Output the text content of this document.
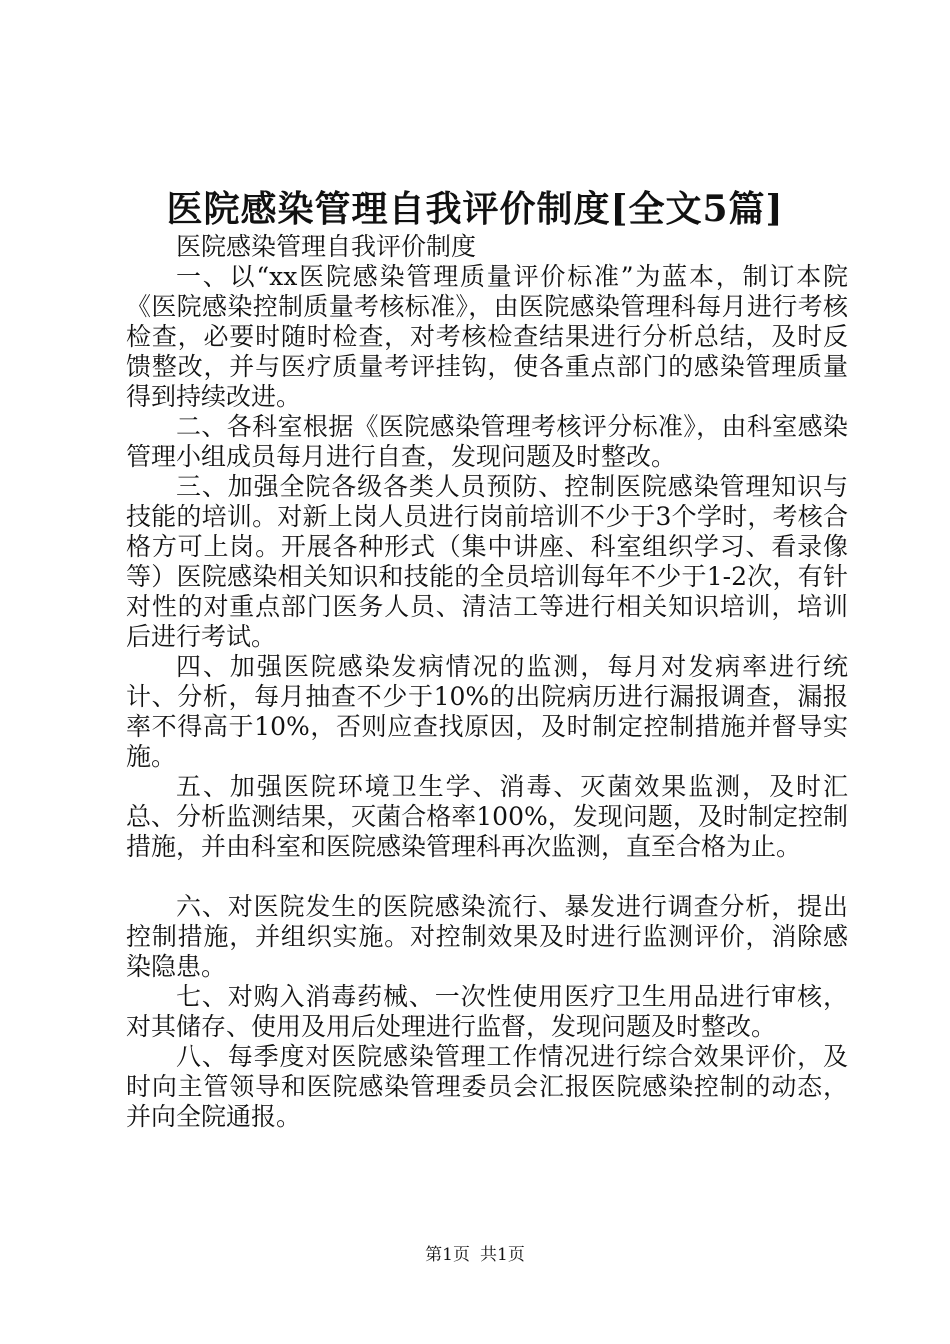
医院感染管理自我评价制度[全文5篇]

医院感染管理自我评价制度

一、以“xx医院感染管理质量评价标准”为蓝本，制订本院《医院感染控制质量考核标准》，由医院感染管理科每月进行考核检查，必要时随时检查，对考核检查结果进行分析总结，及时反馈整改，并与医疗质量考评挂钩，使各重点部门的感染管理质量得到持续改进。

二、各科室根据《医院感染管理考核评分标准》，由科室感染管理小组成员每月进行自查，发现问题及时整改。

三、加强全院各级各类人员预防、控制医院感染管理知识与技能的培训。对新上岗人员进行岗前培训不少于3个学时，考核合格方可上岗。开展各种形式（集中讲座、科室组织学习、看录像等）医院感染相关知识和技能的全员培训每年不少于1-2次，有针对性的对重点部门医务人员、清洁工等进行相关知识培训，培训后进行考试。

四、加强医院感染发病情况的监测，每月对发病率进行统计、分析，每月抽查不少于10%的出院病历进行漏报调查，漏报率不得高于10%，否则应查找原因，及时制定控制措施并督导实施。

五、加强医院环境卫生学、消毒、灭菌效果监测，及时汇总、分析监测结果，灭菌合格率100%，发现问题，及时制定控制措施，并由科室和医院感染管理科再次监测，直至合格为止。

六、对医院发生的医院感染流行、暴发进行调查分析，提出控制措施，并组织实施。对控制效果及时进行监测评价，消除感染隐患。

七、对购入消毒药械、一次性使用医疗卫生用品进行审核，对其储存、使用及用后处理进行监督，发现问题及时整改。

八、每季度对医院感染管理工作情况进行综合效果评价，及时向主管领导和医院感染管理委员会汇报医院感染控制的动态，并向全院通报。

第1页 共1页
